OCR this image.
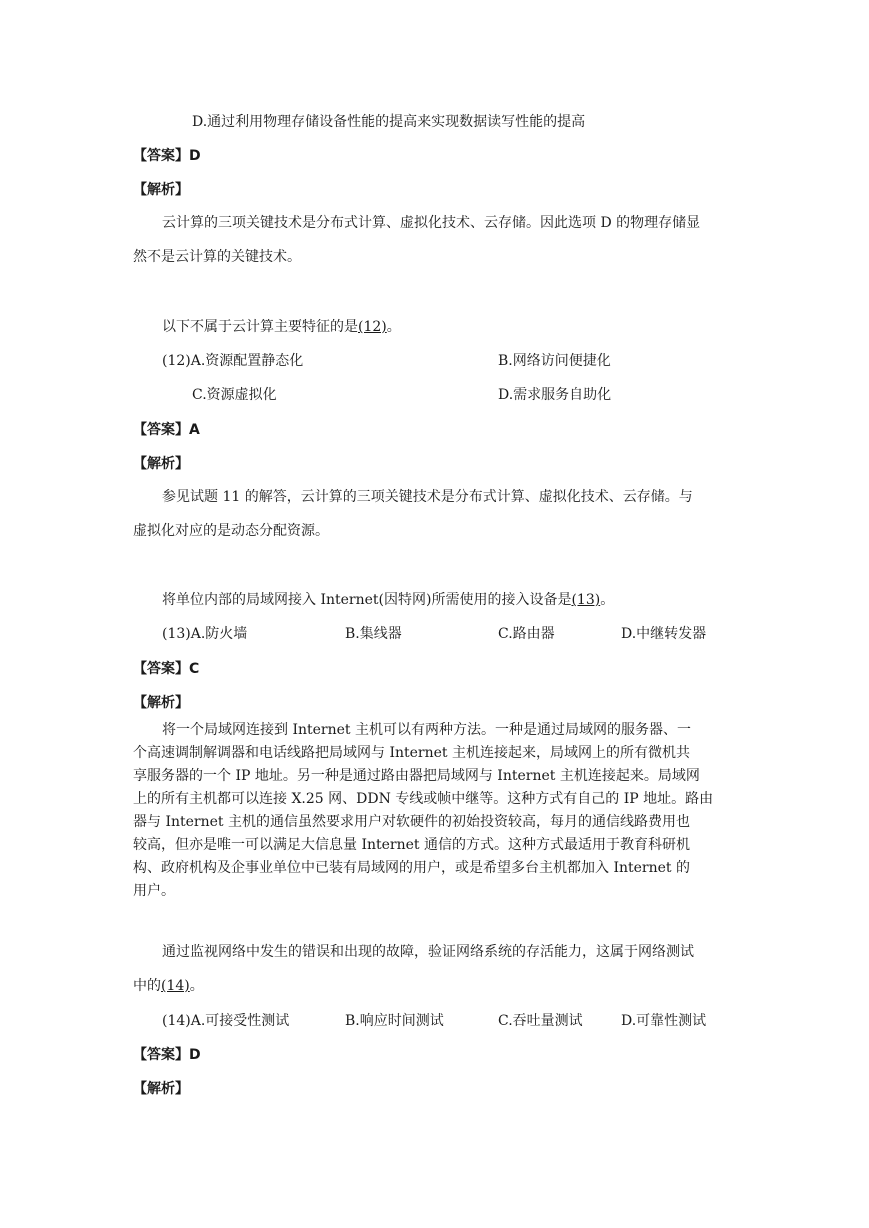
D.通过利用物理存储设备性能的提高来实现数据读写性能的提高
【答案】D
【解析】
云计算的三项关键技术是分布式计算、虚拟化技术、云存储。因此选项 D 的物理存储显
然不是云计算的关键技术。
以下不属于云计算主要特征的是(12)。
(12)A.资源配置静态化	B.网络访问便捷化
C.资源虚拟化	D.需求服务自助化
【答案】A
【解析】
参见试题 11 的解答，云计算的三项关键技术是分布式计算、虚拟化技术、云存储。与
虚拟化对应的是动态分配资源。
将单位内部的局域网接入 Internet(因特网)所需使用的接入设备是(13)。
(13)A.防火墙	B.集线器	C.路由器	D.中继转发器
【答案】C
【解析】
将一个局域网连接到 Internet 主机可以有两种方法。一种是通过局域网的服务器、一
个高速调制解调器和电话线路把局域网与 Internet 主机连接起来，局域网上的所有微机共
享服务器的一个 IP 地址。另一种是通过路由器把局域网与 Internet 主机连接起来。局域网
上的所有主机都可以连接 X.25 网、DDN 专线或帧中继等。这种方式有自己的 IP 地址。路由
器与 Internet 主机的通信虽然要求用户对软硬件的初始投资较高，每月的通信线路费用也
较高，但亦是唯一可以满足大信息量 Internet 通信的方式。这种方式最适用于教育科研机
构、政府机构及企事业单位中已装有局域网的用户，或是希望多台主机都加入 Internet 的
用户。
通过监视网络中发生的错误和出现的故障，验证网络系统的存活能力，这属于网络测试
中的(14)。
(14)A.可接受性测试	B.响应时间测试	C.吞吐量测试	D.可靠性测试
【答案】D
【解析】
